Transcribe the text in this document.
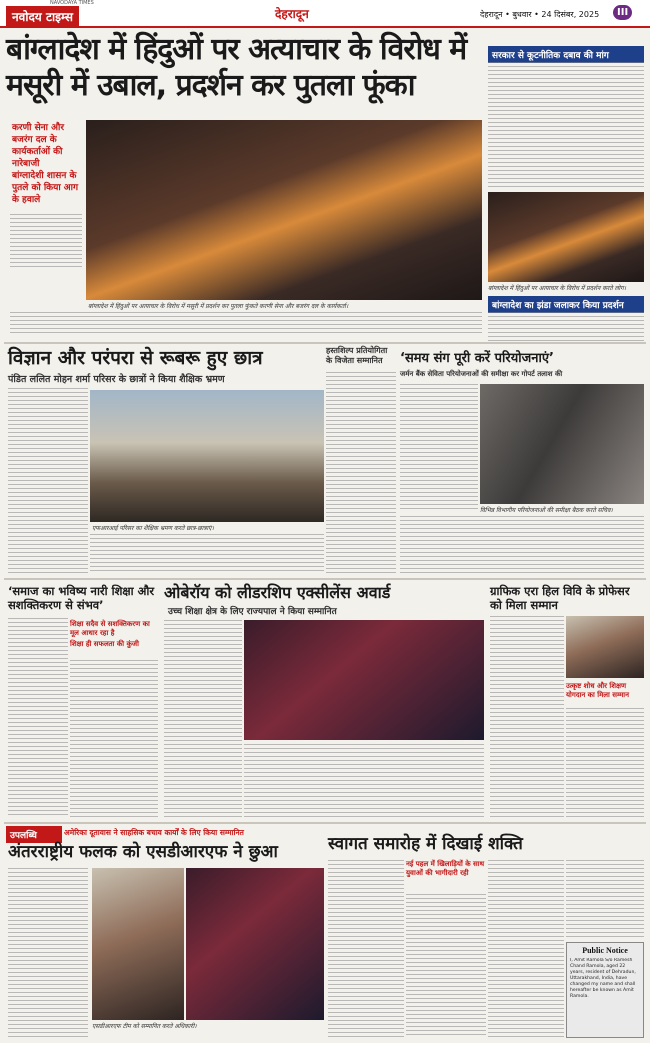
नवोदय टाइम्स
NAVODAYA TIMES
देहरादून	देहरादून • बुधवार • 24 दिसंबर, 2025	III
बांग्लादेश में हिंदुओं पर अत्याचार के विरोध में मसूरी में उबाल, प्रदर्शन कर पुतला फूंका
करणी सेना और बजरंग दल के कार्यकर्ताओं की नारेबाजी
बांग्लादेशी शासन के पुतले को किया आग के हवाले
बांग्लादेश में हिंदुओं पर अत्याचार के विरोध में मसूरी में प्रदर्शन कर पुतला फूंकते करणी सेना और बजरंग दल के कार्यकर्ता।
सरकार से कूटनीतिक दबाव की मांग
बांग्लादेश में हिंदुओं पर अत्याचार के विरोध में प्रदर्शन करते लोग।
बांग्लादेश का झंडा जलाकर किया प्रदर्शन
विज्ञान और परंपरा से रूबरू हुए छात्र
पंडित ललित मोहन शर्मा परिसर के छात्रों ने किया शैक्षिक भ्रमण
एफआरआई परिसर का शैक्षिक भ्रमण करते छात्र-छात्राएं।
हस्तशिल्प प्रतियोगिता के विजेता सम्मानित	‘समय संग पूरी करें परियोजनाएं’
जर्मन बैंक सेविता परियोजनाओं की समीक्षा कर गोपर्ट तलाश की
विभिन्न विभागीय परियोजनाओं की समीक्षा बैठक करते सचिव।
‘समाज का भविष्य नारी शिक्षा और सशक्तिकरण से संभव’
शिक्षा सदैव से सशक्तिकरण का मूल आधार रहा है
शिक्षा ही सफलता की कुंजी
ओबेरॉय को लीडरशिप एक्सीलेंस अवार्ड
उच्च शिक्षा क्षेत्र के लिए राज्यपाल ने किया सम्मानित
ग्राफिक एरा हिल विवि के प्रोफेसर को मिला सम्मान
उत्कृष्ट शोध और शिक्षण योगदान का मिला सम्मान
उपलब्धि	अमेरिका दूतावास ने साहसिक बचाव कार्यों के लिए किया सम्मानित
अंतरराष्ट्रीय फलक को एसडीआरएफ ने छुआ
एसडीआरएफ टीम को सम्मानित करते अधिकारी।
स्वागत समारोह में दिखाई शक्ति
नई पहल में खिलाड़ियों के साथ युवाओं की भागीदारी रही
Public Notice
I, Amit Ramola S/o Ramesh Chand Ramola, aged 22 years, resident of Dehradun, Uttarakhand, India, have changed my name and shall hereafter be known as Amit Ramola.
